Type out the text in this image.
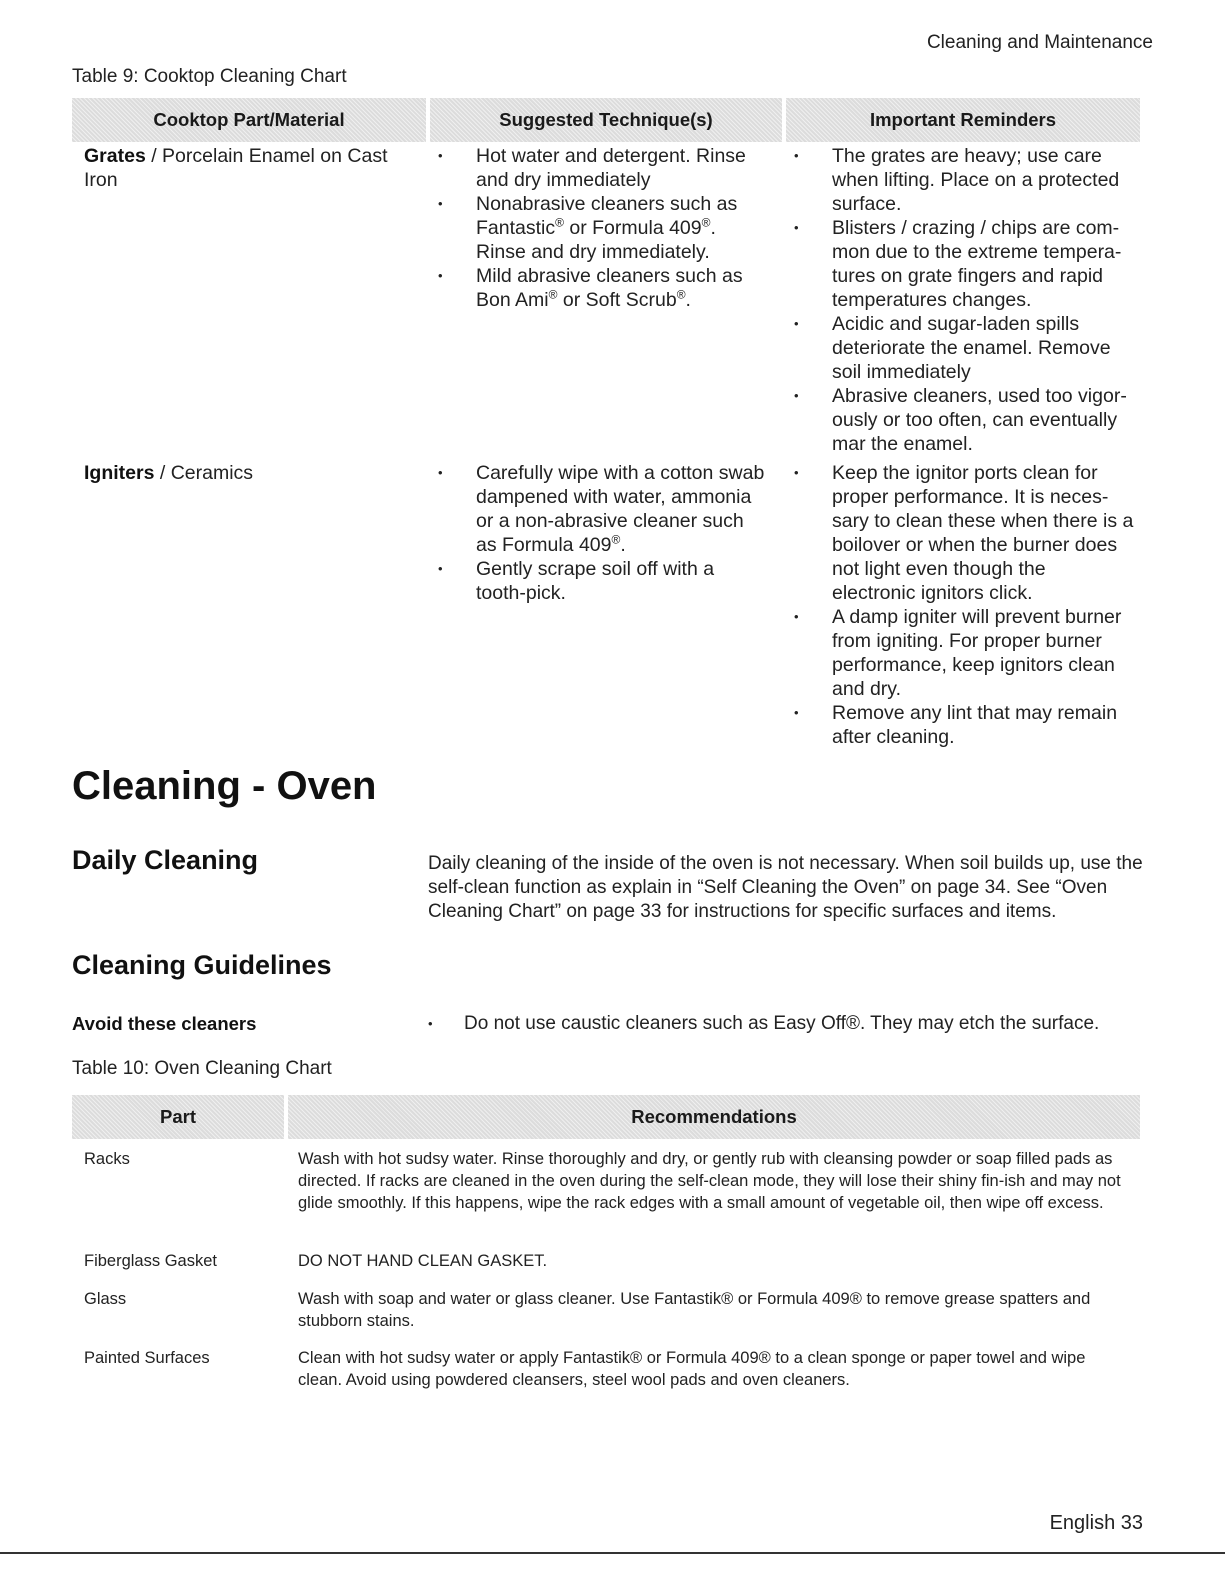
Cleaning and Maintenance
Table 9: Cooktop Cleaning Chart
Cooktop Part/Material	Suggested Technique(s)	Important Reminders
Grates / Porcelain Enamel on Cast Iron
• Hot water and detergent. Rinse and dry immediately
• Nonabrasive cleaners such as Fantastic® or Formula 409®. Rinse and dry immediately.
• Mild abrasive cleaners such as Bon Ami® or Soft Scrub®.
• The grates are heavy; use care when lifting. Place on a protected surface.
• Blisters / crazing / chips are com-mon due to the extreme tempera-tures on grate fingers and rapid temperatures changes.
• Acidic and sugar-laden spills deteriorate the enamel. Remove soil immediately
• Abrasive cleaners, used too vigor-ously or too often, can eventually mar the enamel.
Igniters / Ceramics
•	Carefully wipe with a cotton swab dampened with water, ammonia or a non-abrasive cleaner such as Formula 409®.
• Gently scrape soil off with a tooth-pick.
• Keep the ignitor ports clean for proper performance. It is neces-sary to clean these when there is a boilover or when the burner does not light even though the electronic ignitors click.
• A damp igniter will prevent burner from igniting. For proper burner performance, keep ignitors clean and dry.
• Remove any lint that may remain after cleaning.
Cleaning - Oven
Daily Cleaning	Daily cleaning of the inside of the oven is not necessary. When soil builds up, use the self-clean function as explain in “Self Cleaning the Oven” on page 34. See “Oven Cleaning Chart” on page 33 for instructions for specific surfaces and items.
Cleaning Guidelines
Avoid these cleaners	• Do not use caustic cleaners such as Easy Off®. They may etch the surface.
Table 10: Oven Cleaning Chart
Part	Recommendations
Racks	Wash with hot sudsy water. Rinse thoroughly and dry, or gently rub with cleansing powder or soap filled pads as directed. If racks are cleaned in the oven during the self-clean mode, they will lose their shiny fin-ish and may not glide smoothly. If this happens, wipe the rack edges with a small amount of vegetable oil, then wipe off excess.
Fiberglass Gasket	DO NOT HAND CLEAN GASKET.
Glass	Wash with soap and water or glass cleaner. Use Fantastik® or Formula 409® to remove grease spatters and stubborn stains.
Painted Surfaces	Clean with hot sudsy water or apply Fantastik® or Formula 409® to a clean sponge or paper towel and wipe clean. Avoid using powdered cleansers, steel wool pads and oven cleaners.
English 33
